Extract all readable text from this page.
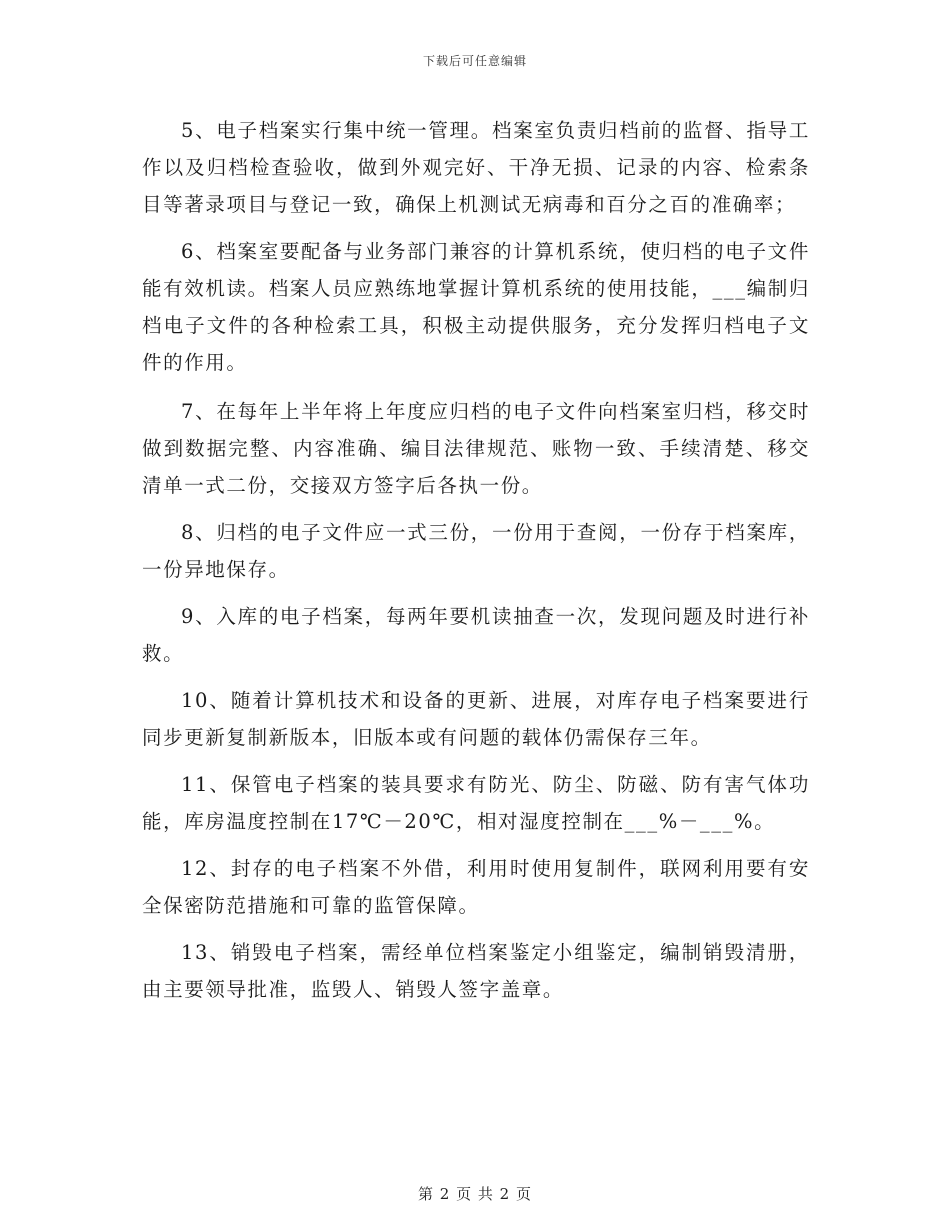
下载后可任意编辑

5、电子档案实行集中统一管理。档案室负责归档前的监督、指导工作以及归档检查验收，做到外观完好、干净无损、记录的内容、检索条目等著录项目与登记一致，确保上机测试无病毒和百分之百的准确率；

6、档案室要配备与业务部门兼容的计算机系统，使归档的电子文件能有效机读。档案人员应熟练地掌握计算机系统的使用技能，___编制归档电子文件的各种检索工具，积极主动提供服务，充分发挥归档电子文件的作用。

7、在每年上半年将上年度应归档的电子文件向档案室归档，移交时做到数据完整、内容准确、编目法律规范、账物一致、手续清楚、移交清单一式二份，交接双方签字后各执一份。

8、归档的电子文件应一式三份，一份用于查阅，一份存于档案库，一份异地保存。

9、入库的电子档案，每两年要机读抽查一次，发现问题及时进行补救。

10、随着计算机技术和设备的更新、进展，对库存电子档案要进行同步更新复制新版本，旧版本或有问题的载体仍需保存三年。

11、保管电子档案的装具要求有防光、防尘、防磁、防有害气体功能，库房温度控制在17℃－20℃，相对湿度控制在___%－___%。

12、封存的电子档案不外借，利用时使用复制件，联网利用要有安全保密防范措施和可靠的监管保障。

13、销毁电子档案，需经单位档案鉴定小组鉴定，编制销毁清册，由主要领导批准，监毁人、销毁人签字盖章。

第 2 页 共 2 页
